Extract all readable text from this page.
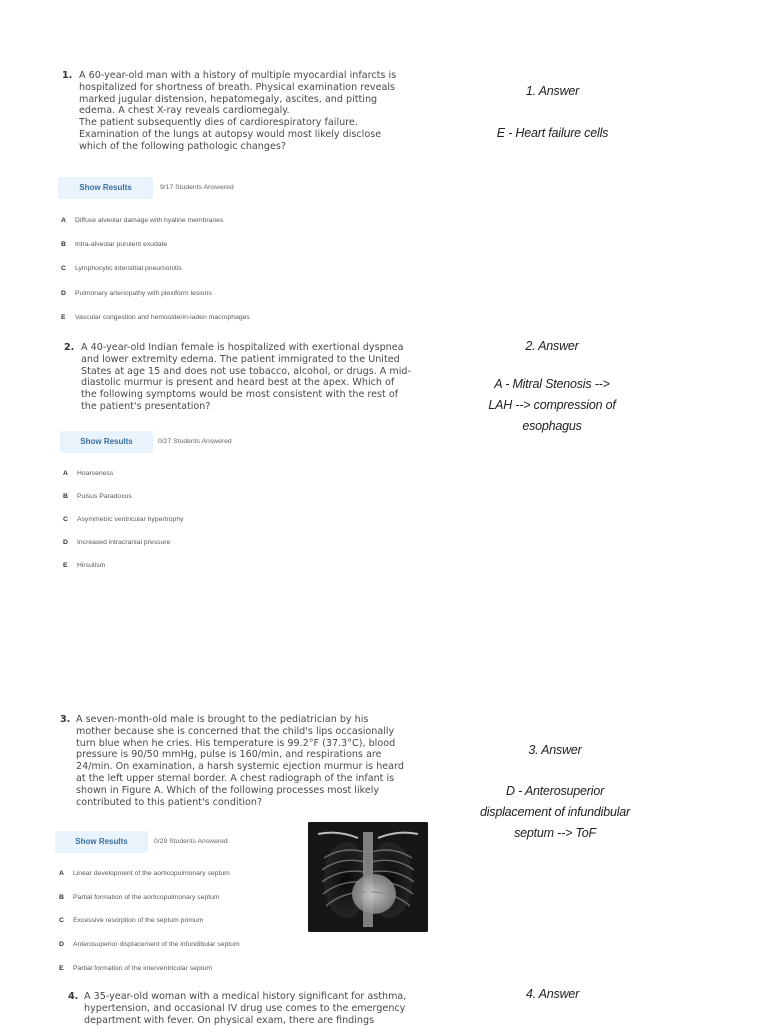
1. A 60-year-old man with a history of multiple myocardial infarcts is
hospitalized for shortness of breath. Physical examination reveals
marked jugular distension, hepatomegaly, ascites, and pitting
edema. A chest X-ray reveals cardiomegaly.
The patient subsequently dies of cardiorespiratory failure.
Examination of the lungs at autopsy would most likely disclose
which of the following pathologic changes?
Show Results	9/17 Students Answered
A Diffuse alveolar damage with hyaline membranes
B Intra-alveolar purulent exudate
C Lymphocytic interstitial pneumonitis
D Pulmonary arteriopathy with plexiform lesions
E Vascular congestion and hemosiderin-laden macrophages
1. Answer
E - Heart failure cells
2. A 40-year-old Indian female is hospitalized with exertional dyspnea
and lower extremity edema. The patient immigrated to the United
States at age 15 and does not use tobacco, alcohol, or drugs. A mid-
diastolic murmur is present and heard best at the apex. Which of
the following symptoms would be most consistent with the rest of
the patient's presentation?
Show Results	0/27 Students Answered
A Hoarseness
B Pulsus Paradoxus
C Asymmetric ventricular hypertrophy
D Increased intracranial pressure
E Hirsutism
2. Answer
A - Mitral Stenosis -->
LAH --> compression of
esophagus
3. A seven-month-old male is brought to the pediatrician by his
mother because she is concerned that the child's lips occasionally
turn blue when he cries. His temperature is 99.2°F (37.3°C), blood
pressure is 90/50 mmHg, pulse is 160/min, and respirations are
24/min. On examination, a harsh systemic ejection murmur is heard
at the left upper sternal border. A chest radiograph of the infant is
shown in Figure A. Which of the following processes most likely
contributed to this patient's condition?
Show Results	0/29 Students Answered
A Linear development of the aorticopulmonary septum
B Partial formation of the aorticopulmonary septum
C Excessive resorption of the septum primum
D Anterosuperior displacement of the infundibular septum
E Partial formation of the interventricular septum
3. Answer
D - Anterosuperior
displacement of infundibular
septum --> ToF
4. A 35-year-old woman with a medical history significant for asthma,
hypertension, and occasional IV drug use comes to the emergency
department with fever. On physical exam, there are findings
4. Answer
